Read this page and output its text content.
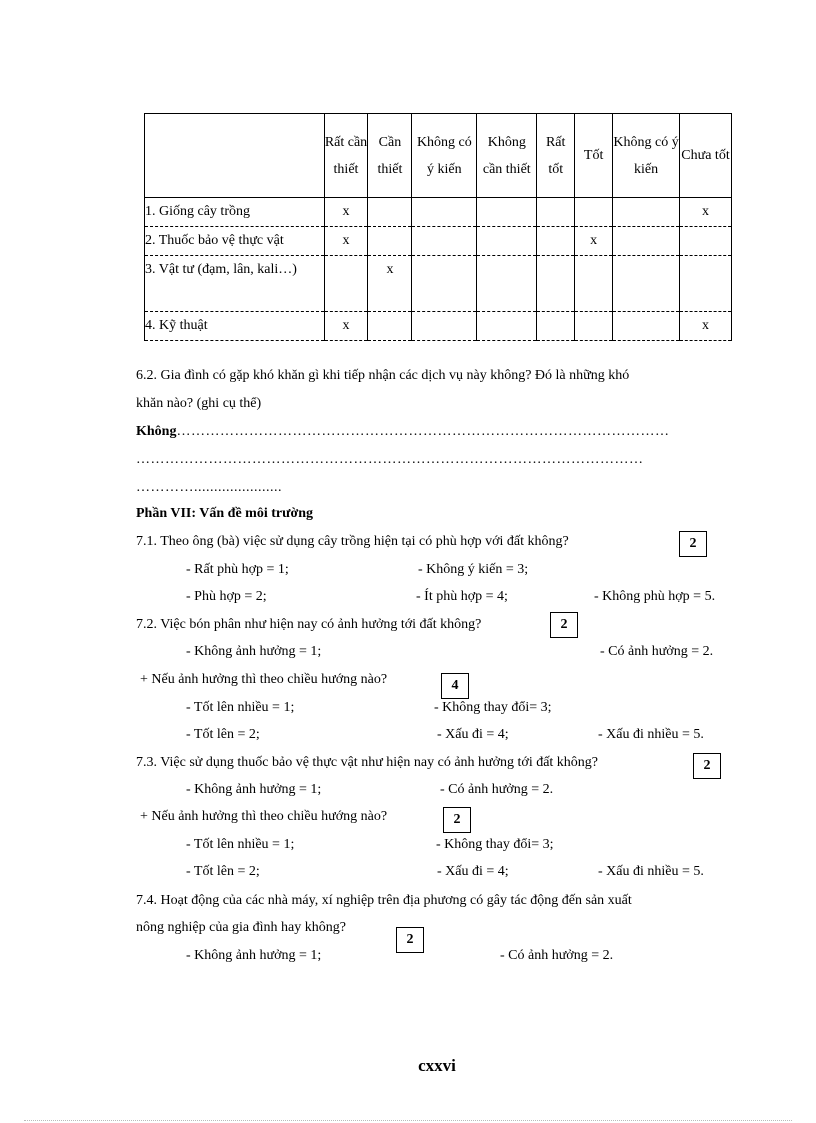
	Rất cần thiết	Cần thiết	Không có ý kiến	Không cần thiết	Rất tốt	Tốt	Không có ý kiến	Chưa tốt
1. Giống cây trồng	x							x
2. Thuốc bảo vệ thực vật	x					x		
3. Vật tư (đạm, lân, kali…)		x						
4. Kỹ thuật	x							x
6.2. Gia đình có gặp khó khăn gì khi tiếp nhận các dịch vụ này không? Đó là những khó
khăn nào? (ghi cụ thể)
Không…………………………………………………………………………………………
……………………………………………………………………………………………
…………......................
Phần VII: Vấn đề môi trường
7.1. Theo ông (bà) việc sử dụng cây trồng hiện tại có phù hợp với đất không?	2
- Rất phù hợp = 1;	- Không ý kiến = 3;
- Phù hợp = 2;	- Ít phù hợp = 4;	- Không phù hợp = 5.
7.2. Việc bón phân như hiện nay có ảnh hưởng tới đất không?	2
- Không ảnh hưởng = 1;	- Có ảnh hưởng = 2.
+ Nếu ảnh hưởng thì theo chiều hướng nào?	4
- Tốt lên nhiều = 1;	- Không thay đổi= 3;
- Tốt lên = 2;	- Xấu đi = 4;	- Xấu đi nhiều = 5.
7.3. Việc sử dụng thuốc bảo vệ thực vật như hiện nay có ảnh hưởng tới đất không?	2
- Không ảnh hưởng = 1;	- Có ảnh hưởng = 2.
+ Nếu ảnh hưởng thì theo chiều hướng nào?	2
- Tốt lên nhiều = 1;	- Không thay đổi= 3;
- Tốt lên = 2;	- Xấu đi = 4;	- Xấu đi nhiều = 5.
7.4. Hoạt động của các nhà máy, xí nghiệp trên địa phương có gây tác động đến sản xuất
nông nghiệp của gia đình hay không?
2
- Không ảnh hưởng = 1;	- Có ảnh hưởng = 2.
cxxvi
